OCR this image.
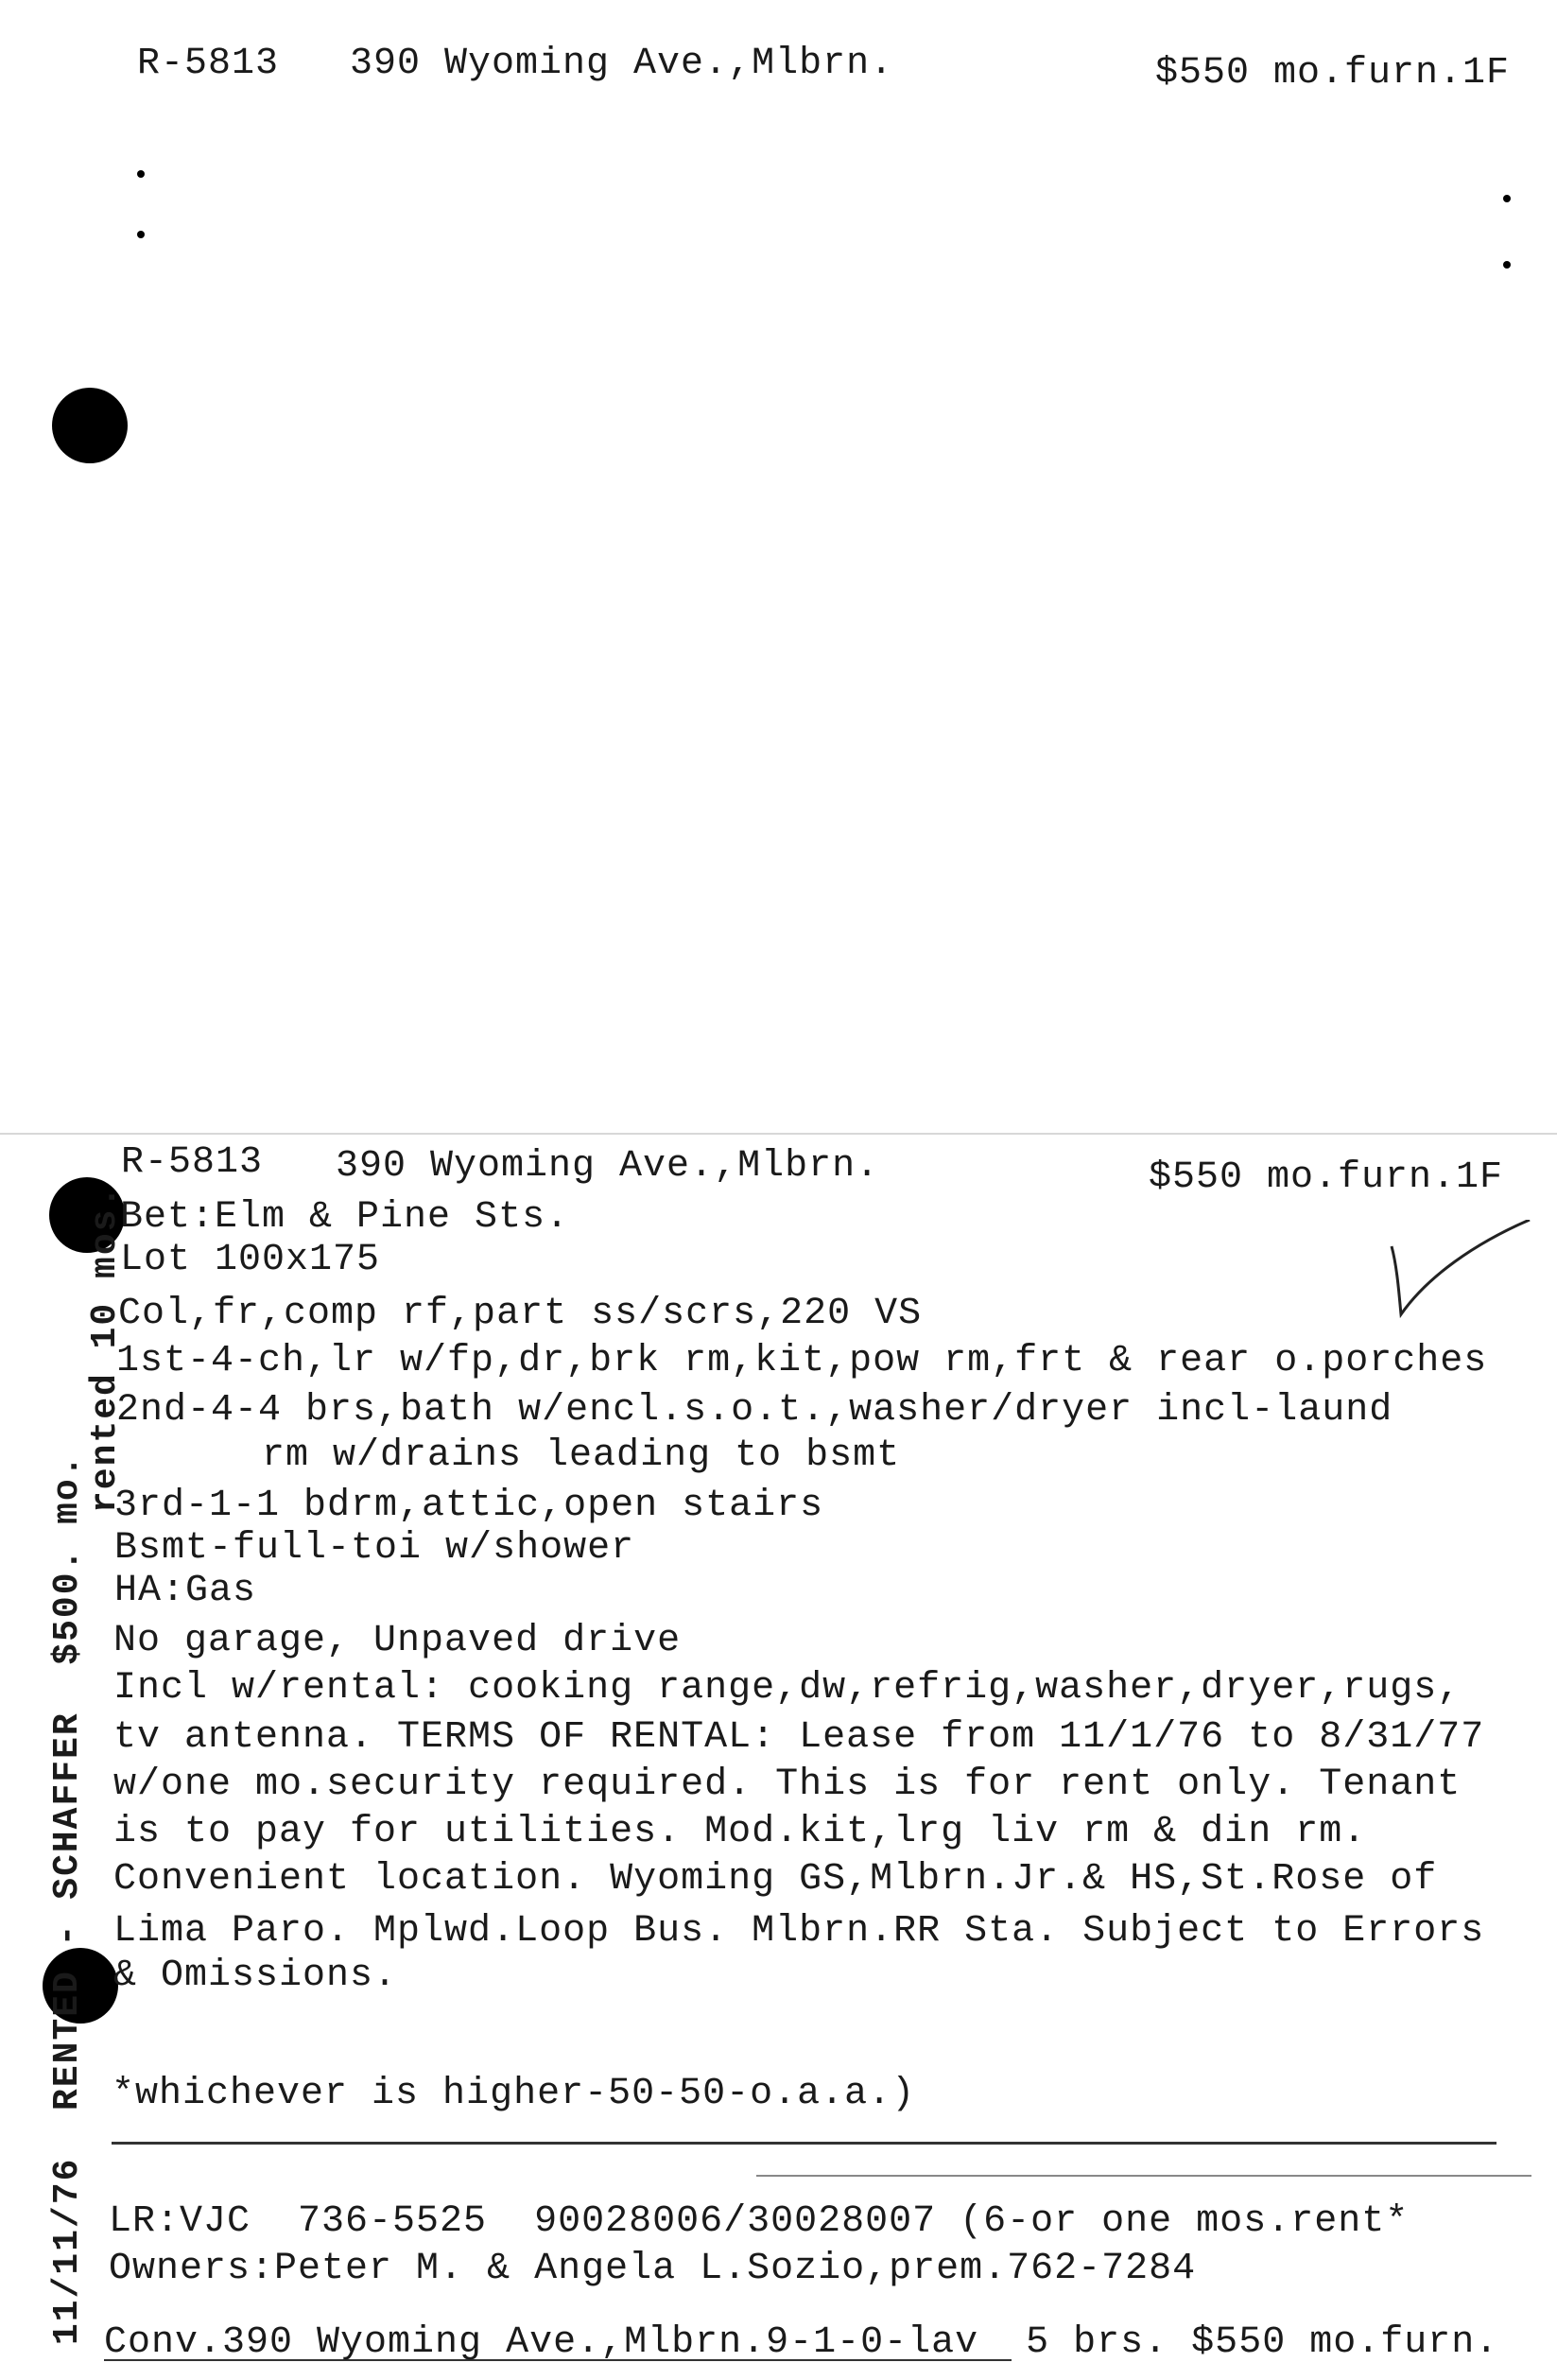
R-5813 390 Wyoming Ave.,Mlbrn.	$550 mo.furn.1F
R-5813 390 Wyoming Ave.,Mlbrn.	$550 mo.furn.1F
Bet:Elm & Pine Sts.
Lot 100x175
Col,fr,comp rf,part ss/scrs,220 VS
1st-4-ch,lr w/fp,dr,brk rm,kit,pow rm,frt & rear o.porches
2nd-4-4 brs,bath w/encl.s.o.t.,washer/dryer incl-laund
rm w/drains leading to bsmt
3rd-1-1 bdrm,attic,open stairs
Bsmt-full-toi w/shower
HA:Gas
No garage, Unpaved drive
Incl w/rental: cooking range,dw,refrig,washer,dryer,rugs,
tv antenna. TERMS OF RENTAL: Lease from 11/1/76 to 8/31/77
w/one mo.security required. This is for rent only. Tenant
is to pay for utilities. Mod.kit,lrg liv rm & din rm.
Convenient location. Wyoming GS,Mlbrn.Jr.& HS,St.Rose of
Lima Paro. Mplwd.Loop Bus. Mlbrn.RR Sta. Subject to Errors
& Omissions.
*whichever is higher-50-50-o.a.a.)
LR:VJC  736-5525  90028006/30028007 (6-or one mos.rent*
Owners:Peter M. & Angela L.Sozio,prem.762-7284
Conv.390 Wyoming Ave.,Mlbrn.9-1-0-lav  5 brs. $550 mo.furn.
11/11/76  RENTED - SCHAFFER  $500. mo.
rented 10 mos.
